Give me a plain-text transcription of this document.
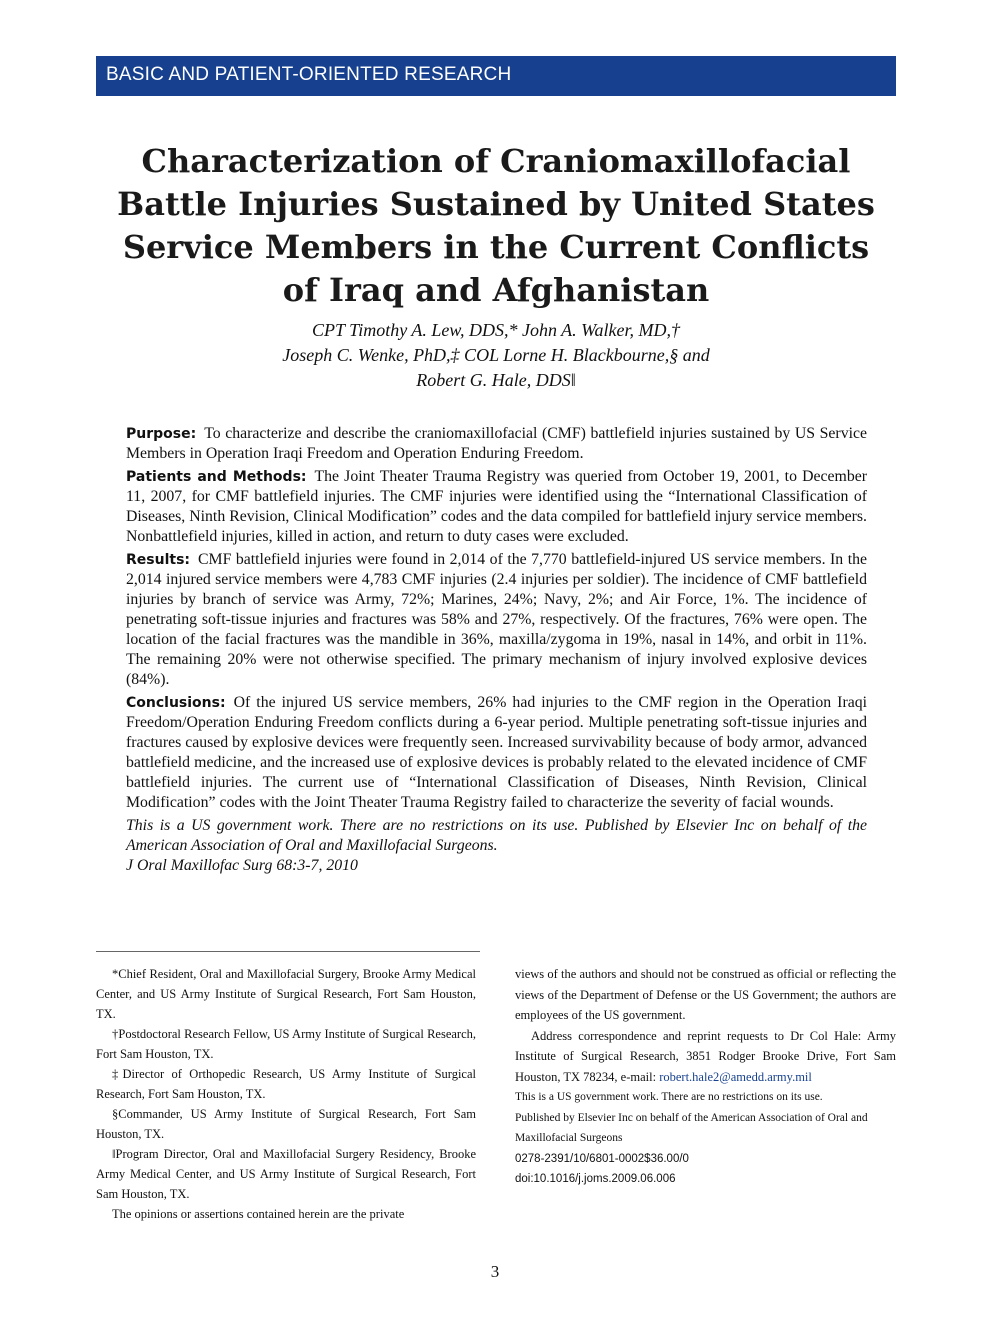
BASIC AND PATIENT-ORIENTED RESEARCH
Characterization of Craniomaxillofacial
Battle Injuries Sustained by United States
Service Members in the Current Conflicts
of Iraq and Afghanistan
CPT Timothy A. Lew, DDS,* John A. Walker, MD,†
Joseph C. Wenke, PhD,‡ COL Lorne H. Blackbourne,§ and
Robert G. Hale, DDS‖

Purpose: To characterize and describe the craniomaxillofacial (CMF) battlefield injuries sustained by US Service Members in Operation Iraqi Freedom and Operation Enduring Freedom.

Patients and Methods: The Joint Theater Trauma Registry was queried from October 19, 2001, to December 11, 2007, for CMF battlefield injuries. The CMF injuries were identified using the “International Classification of Diseases, Ninth Revision, Clinical Modification” codes and the data compiled for battlefield injury service members. Nonbattlefield injuries, killed in action, and return to duty cases were excluded.

Results: CMF battlefield injuries were found in 2,014 of the 7,770 battlefield-injured US service members. In the 2,014 injured service members were 4,783 CMF injuries (2.4 injuries per soldier). The incidence of CMF battlefield injuries by branch of service was Army, 72%; Marines, 24%; Navy, 2%; and Air Force, 1%. The incidence of penetrating soft-tissue injuries and fractures was 58% and 27%, respectively. Of the fractures, 76% were open. The location of the facial fractures was the mandible in 36%, maxilla/zygoma in 19%, nasal in 14%, and orbit in 11%. The remaining 20% were not otherwise specified. The primary mechanism of injury involved explosive devices (84%).

Conclusions: Of the injured US service members, 26% had injuries to the CMF region in the Operation Iraqi Freedom/Operation Enduring Freedom conflicts during a 6-year period. Multiple penetrating soft-tissue injuries and fractures caused by explosive devices were frequently seen. Increased survivability because of body armor, advanced battlefield medicine, and the increased use of explosive devices is probably related to the elevated incidence of CMF battlefield injuries. The current use of “International Classification of Diseases, Ninth Revision, Clinical Modification” codes with the Joint Theater Trauma Registry failed to characterize the severity of facial wounds.

This is a US government work. There are no restrictions on its use. Published by Elsevier Inc on behalf of the American Association of Oral and Maxillofacial Surgeons.

J Oral Maxillofac Surg 68:3-7, 2010

*Chief Resident, Oral and Maxillofacial Surgery, Brooke Army Medical Center, and US Army Institute of Surgical Research, Fort Sam Houston, TX.

†Postdoctoral Research Fellow, US Army Institute of Surgical Research, Fort Sam Houston, TX.

‡Director of Orthopedic Research, US Army Institute of Surgical Research, Fort Sam Houston, TX.

§Commander, US Army Institute of Surgical Research, Fort Sam Houston, TX.

‖Program Director, Oral and Maxillofacial Surgery Residency, Brooke Army Medical Center, and US Army Institute of Surgical Research, Fort Sam Houston, TX.

The opinions or assertions contained herein are the private

views of the authors and should not be construed as official or reflecting the views of the Department of Defense or the US Government; the authors are employees of the US government.

Address correspondence and reprint requests to Dr Col Hale: Army Institute of Surgical Research, 3851 Rodger Brooke Drive, Fort Sam Houston, TX 78234, e-mail: robert.hale2@amedd.army.mil

This is a US government work. There are no restrictions on its use.

Published by Elsevier Inc on behalf of the American Association of Oral and Maxillofacial Surgeons

0278-2391/10/6801-0002$36.00/0

doi:10.1016/j.joms.2009.06.006

3
